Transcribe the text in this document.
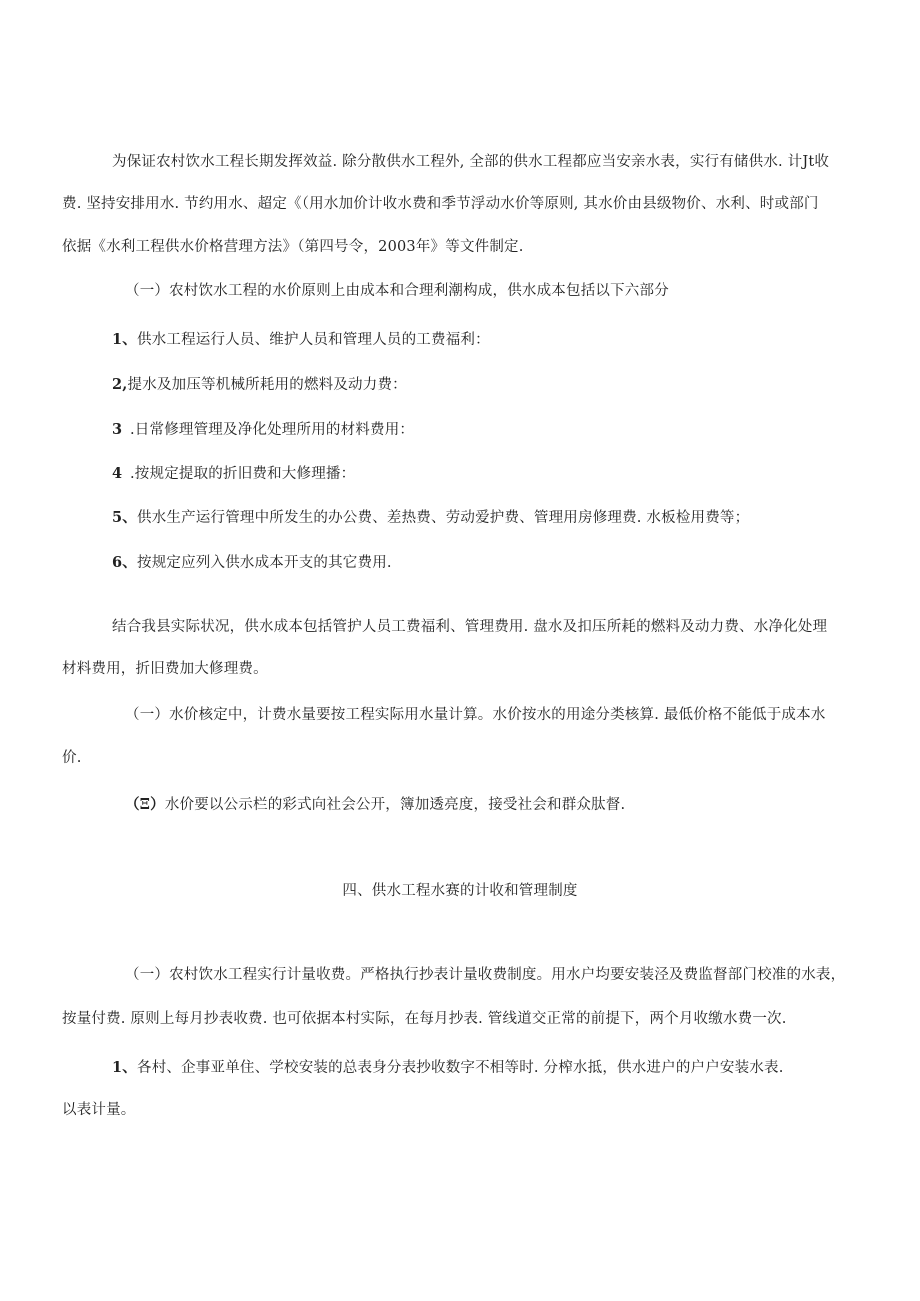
为保证农村饮水工程长期发挥效益. 除分散供水工程外, 全部的供水工程都应当安亲水表，实行有储供水. 计Jt收
费. 坚持安排用水. 节约用水、超定《（用水加价计收水费和季节浮动水价等原则, 其水价由县级物价、水利、时或部门
依据《水利工程供水价格营理方法》（第四号令，2003年》等文件制定.
（一）农村饮水工程的水价原则上由成本和合理利潮构成，供水成本包括以下六部分
1、供水工程运行人员、维护人员和管理人员的工费福利：
2,提水及加压等机械所耗用的燃料及动力费：
3 .日常修理管理及净化处理所用的材料费用：
4 .按规定提取的折旧费和大修理播：
5、供水生产运行管理中所发生的办公费、差热费、劳动爱护费、管理用房修理费. 水板检用费等；
6、按规定应列入供水成本开支的其它费用.
结合我县实际状况，供水成本包括管护人员工费福利、管理费用. 盘水及扣压所耗的燃料及动力费、水净化处理
材料费用，折旧费加大修理费。
（一）水价核定中，计费水量要按工程实际用水量计算。水价按水的用途分类核算. 最低价格不能低于成本水
价.
（Ξ）水价要以公示栏的彩式向社会公开，簿加透亮度，接受社会和群众肽督.
四、供水工程水赛的计收和管理制度
（一）农村饮水工程实行计量收费。严格执行抄表计量收费制度。用水户均要安装泾及费监督部门校准的水表，
按量付费. 原则上每月抄表收费. 也可依据本村实际，在每月抄表. 管线道交正常的前提下，两个月收缴水费一次.
1、各村、企事亚单住、学校安装的总表身分表抄收数字不相等时. 分榨水抵，供水进户的户户安装水表.
以表计量。
